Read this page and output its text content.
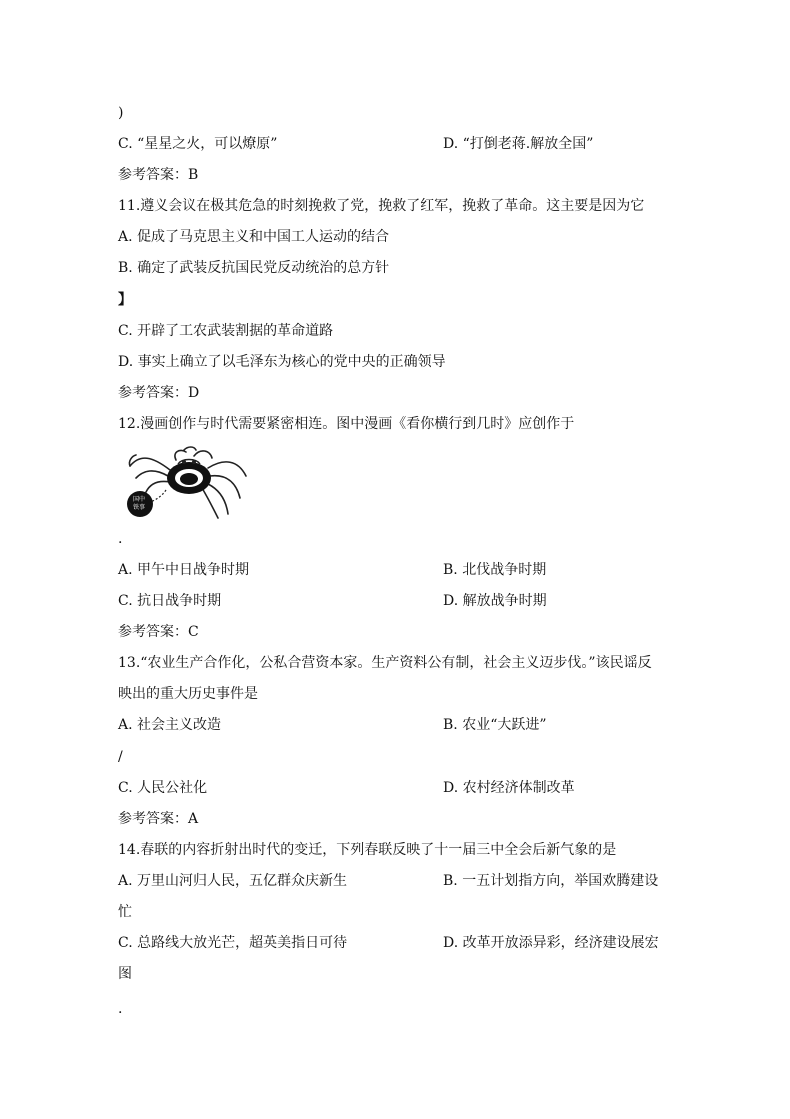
)
C. “星星之火，可以燎原”	D. “打倒老蒋.解放全国”
参考答案：B
11.遵义会议在极其危急的时刻挽救了党，挽救了红军，挽救了革命。这主要是因为它
A. 促成了马克思主义和中国工人运动的结合
B. 确定了武装反抗国民党反动统治的总方针
】
C. 开辟了工农武装割据的革命道路
D. 事实上确立了以毛泽东为核心的党中央的正确领导
参考答案：D
12.漫画创作与时代需要紧密相连。图中漫画《看你横行到几时》应创作于
国中
铁事
.
A. 甲午中日战争时期	B. 北伐战争时期
C. 抗日战争时期	D. 解放战争时期
参考答案：C
13.“农业生产合作化，公私合营资本家。生产资料公有制，社会主义迈步伐。”该民谣反
映出的重大历史事件是
A. 社会主义改造	B. 农业“大跃进”
/
C. 人民公社化	D. 农村经济体制改革
参考答案：A
14.春联的内容折射出时代的变迁，下列春联反映了十一届三中全会后新气象的是
A. 万里山河归人民，五亿群众庆新生	B. 一五计划指方向，举国欢腾建设
忙
C. 总路线大放光芒，超英美指日可待	D. 改革开放添异彩，经济建设展宏
图
.
